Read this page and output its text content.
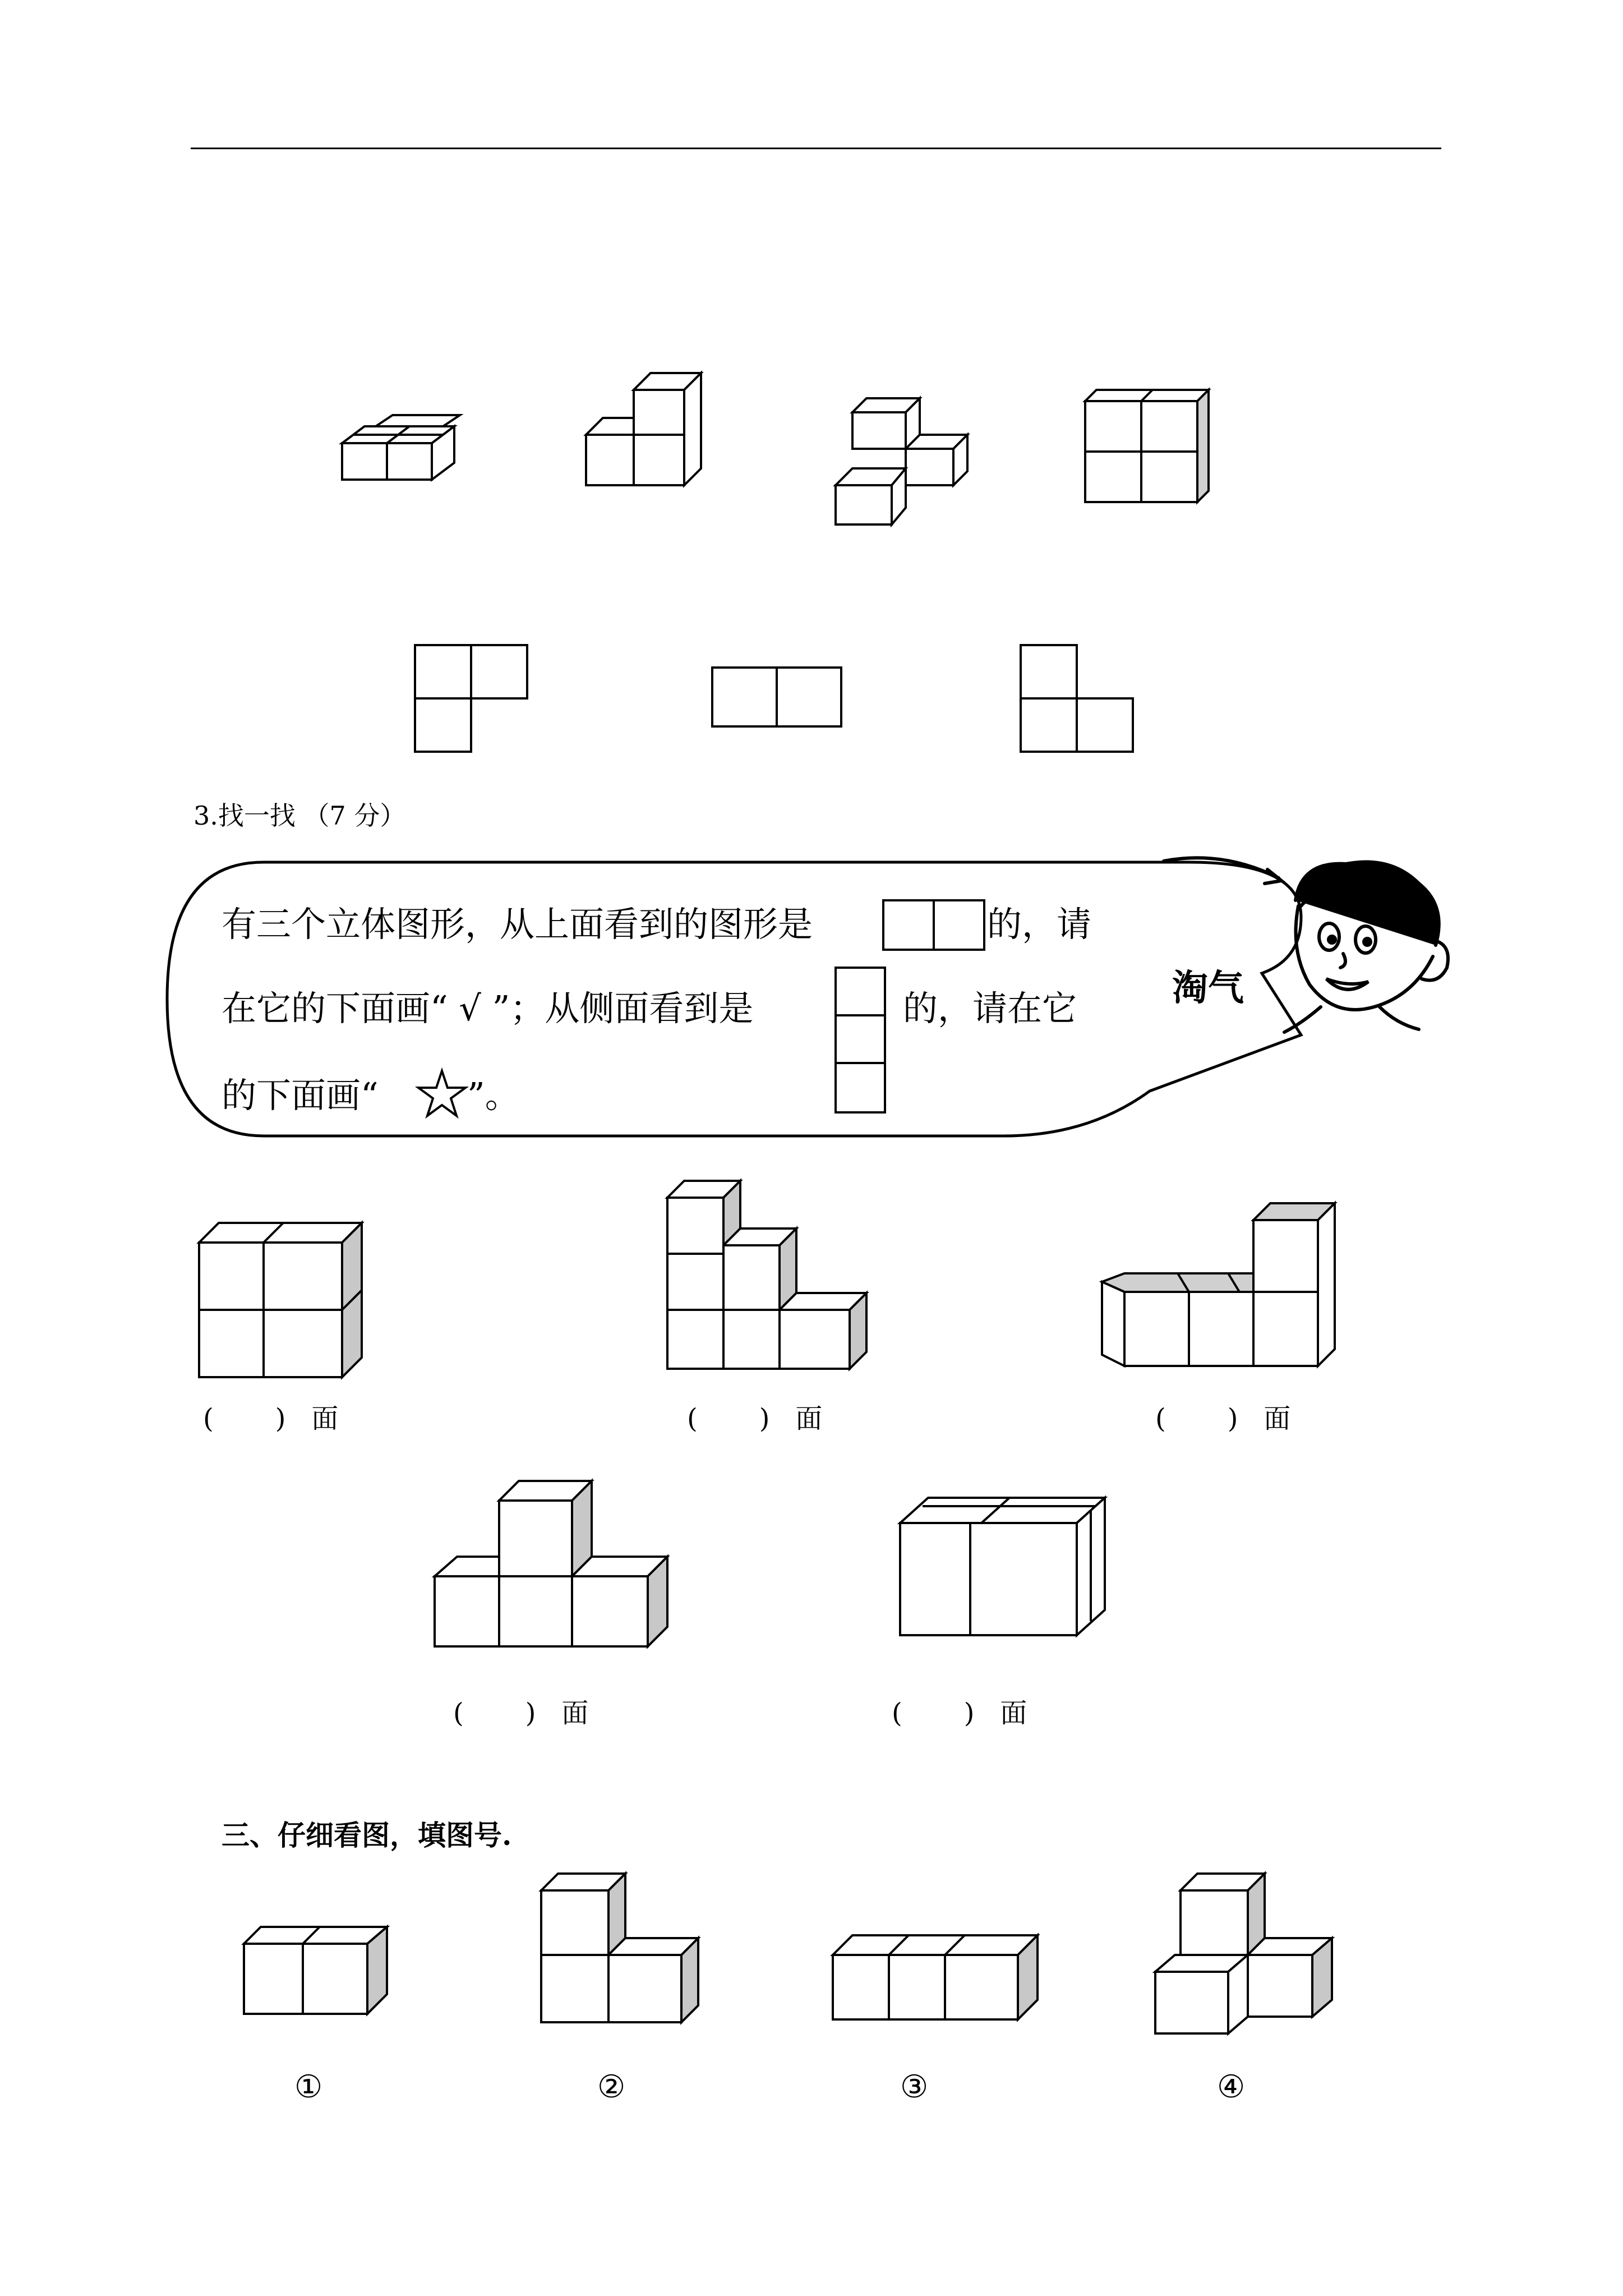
3.找一找 （7 分）
有三个立体图形，从上面看到的图形是	的，请
在它的下面画“ √ ”；从侧面看到是	的，请在它
的下面画“	”。
淘气
( ) 面	( ) 面	( ) 面
( ) 面	( ) 面
三、仔细看图，填图号.
①	②	③	④
